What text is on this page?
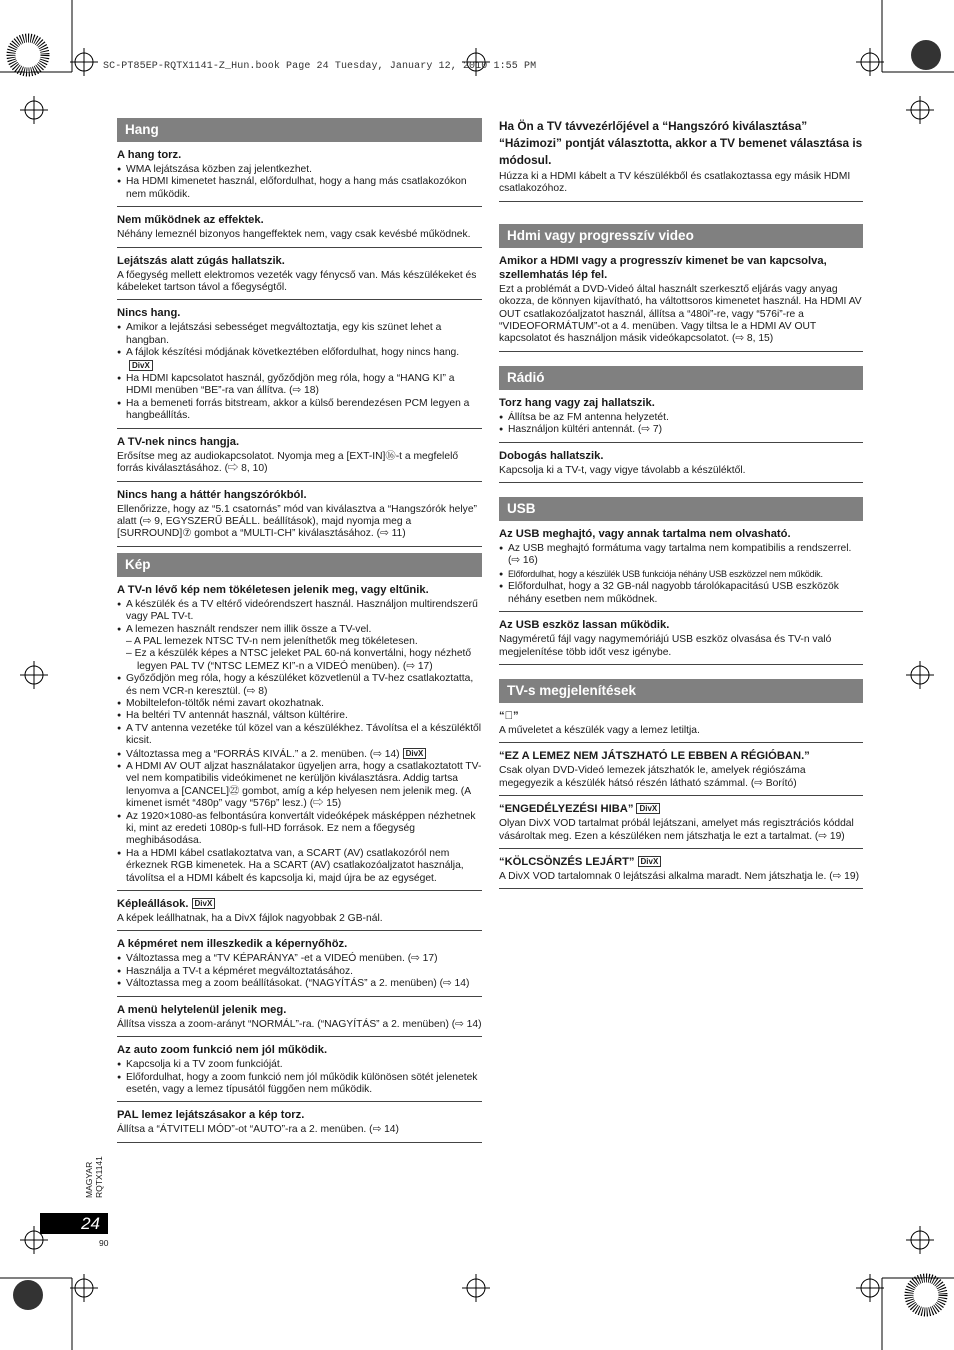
SC-PT85EP-RQTX1141-Z_Hun.book Page 24 Tuesday, January 12, 2010 1:55 PM
Hang
A hang torz.
● WMA lejátszása közben zaj jelentkezhet.
● Ha HDMI kimenetet használ, előfordulhat, hogy a hang más csatlakozókon nem működik.
Nem működnek az effektek.
Néhány lemeznél bizonyos hangeffektek nem, vagy csak kevésbé működnek.
Lejátszás alatt zúgás hallatszik.
A főegység mellett elektromos vezeték vagy fénycső van. Más készülékeket és kábeleket tartson távol a főegységtől.
Nincs hang.
● Amikor a lejátszási sebességet megváltoztatja, egy kis szünet lehet a hangban.
● A fájlok készítési módjának következtében előfordulhat, hogy nincs hang.DivX
● Ha HDMI kapcsolatot használ, győződjön meg róla, hogy a “HANG KI” a HDMI menüben “BE”-ra van állítva. (⇨ 18)
● Ha a bemeneti forrás bitstream, akkor a külső berendezésen PCM legyen a hangbeállítás.
A TV-nek nincs hangja.
Erősítse meg az audiokapcsolatot. Nyomja meg a [EXT-IN]⑯-t a megfelelő forrás kiválasztásához. (⇨ 8, 10)
Nincs hang a háttér hangszórókból.
Ellenőrizze, hogy az “5.1 csatornás” mód van kiválasztva a “Hangszórók helye” alatt (⇨ 9, EGYSZERŰ BEÁLL. beállítások), majd nyomja meg a [SURROUND]⑦ gombot a “MULTI-CH” kiválasztásához. (⇨ 11)
Kép
A TV-n lévő kép nem tökéletesen jelenik meg, vagy eltűnik.
● A készülék és a TV eltérő videórendszert használ. Használjon multirendszerű vagy PAL TV-t.
● A lemezen használt rendszer nem illik össze a TV-vel.
– A PAL lemezek NTSC TV-n nem jeleníthetők meg tökéletesen.
– Ez a készülék képes a NTSC jeleket PAL 60-ná konvertálni, hogy nézhető legyen PAL TV (“NTSC LEMEZ KI”-n a VIDEÓ menüben). (⇨ 17)
● Győződjön meg róla, hogy a készüléket közvetlenül a TV-hez csatlakoztatta, és nem VCR-n keresztül. (⇨ 8)
● Mobiltelefon-töltők némi zavart okozhatnak.
● Ha beltéri TV antennát használ, váltson kültérire.
● A TV antenna vezetéke túl közel van a készülékhez. Távolítsa el a készüléktől kicsit.
● Változtassa meg a “FORRÁS KIVÁL.” a 2. menüben. (⇨ 14) DivX
● A HDMI AV OUT aljzat használatakor ügyeljen arra, hogy a csatlakoztatott TV-vel nem kompatibilis videókimenet ne kerüljön kiválasztásra. Addig tartsa lenyomva a [CANCEL]㉒ gombot, amíg a kép helyesen nem jelenik meg. (A kimenet ismét “480p” vagy “576p” lesz.) (⇨ 15)
● Az 1920×1080-as felbontásúra konvertált videóképek másképpen nézhetnek ki, mint az eredeti 1080p-s full-HD források. Ez nem a főegység meghibásodása.
● Ha a HDMI kábel csatlakoztatva van, a SCART (AV) csatlakozóról nem érkeznek RGB kimenetek. Ha a SCART (AV) csatlakozóaljzatot használja, távolítsa el a HDMI kábelt és kapcsolja ki, majd újra be az egységet.
Képleállások. DivX
A képek leállhatnak, ha a DivX fájlok nagyobbak 2 GB-nál.
A képméret nem illeszkedik a képernyőhöz.
● Változtassa meg a “TV KÉPARÁNYA” -et a VIDEÓ menüben. (⇨ 17)
● Használja a TV-t a képméret megváltoztatásához.
● Változtassa meg a zoom beállításokat. (“NAGYÍTÁS” a 2. menüben) (⇨ 14)
A menü helytelenül jelenik meg.
Állítsa vissza a zoom-arányt “NORMÁL”-ra. (“NAGYÍTÁS” a 2. menüben) (⇨ 14)
Az auto zoom funkció nem jól működik.
● Kapcsolja ki a TV zoom funkcióját.
● Előfordulhat, hogy a zoom funkció nem jól működik különösen sötét jelenetek esetén, vagy a lemez típusától függően nem működik.
PAL lemez lejátszásakor a kép torz.
Állítsa a “ÁTVITELI MÓD”-ot “AUTO”-ra a 2. menüben. (⇨ 14)
Ha Ön a TV távvezérlőjével a “Hangszóró kiválasztása” “Házimozi” pontját választotta, akkor a TV bemenet választása is módosul.
Húzza ki a HDMI kábelt a TV készülékből és csatlakoztassa egy másik HDMI csatlakozóhoz.
Hdmi vagy progresszív video
Amikor a HDMI vagy a progresszív kimenet be van kapcsolva, szellemhatás lép fel.
Ezt a problémát a DVD-Videó által használt szerkesztő eljárás vagy anyag okozza, de könnyen kijavítható, ha váltottsoros kimenetet használ. Ha HDMI AV OUT csatlakozóaljzatot használ, állítsa a “480i”-re, vagy “576i”-re a “VIDEOFORMÁTUM”-ot a 4. menüben. Vagy tiltsa le a HDMI AV OUT kapcsolatot és használjon másik videókapcsolatot. (⇨ 8, 15)
Rádió
Torz hang vagy zaj hallatszik.
● Állítsa be az FM antenna helyzetét.
● Használjon kültéri antennát. (⇨ 7)
Dobogás hallatszik.
Kapcsolja ki a TV-t, vagy vigye távolabb a készüléktől.
USB
Az USB meghajtó, vagy annak tartalma nem olvasható.
● Az USB meghajtó formátuma vagy tartalma nem kompatibilis a rendszerrel. (⇨ 16)
● Előfordulhat, hogy a készülék USB funkciója néhány USB eszközzel nem működik.
● Előfordulhat, hogy a 32 GB-nál nagyobb tárolókapacitású USB eszközök néhány esetben nem működnek.
Az USB eszköz lassan működik.
Nagyméretű fájl vagy nagymemóriájú USB eszköz olvasása és TV-n való megjelenítése több időt vesz igénybe.
TV-s megjelenítések
“⃠”
A műveletet a készülék vagy a lemez letiltja.
“EZ A LEMEZ NEM JÁTSZHATÓ LE EBBEN A RÉGIÓBAN.”
Csak olyan DVD-Videó lemezek játszhatók le, amelyek régiószáma megegyezik a készülék hátsó részén látható számmal. (⇨ Borító)
“ENGEDÉLYEZÉSI HIBA” DivX
Olyan DivX VOD tartalmat próbál lejátszani, amelyet más regisztrációs kóddal vásároltak meg. Ezen a készüléken nem játszhatja le ezt a tartalmat. (⇨ 19)
“KÖLCSÖNZÉS LEJÁRT” DivX
A DivX VOD tartalomnak 0 lejátszási alkalma maradt. Nem játszhatja le. (⇨ 19)
MAGYAR RQTX1141
24
90
